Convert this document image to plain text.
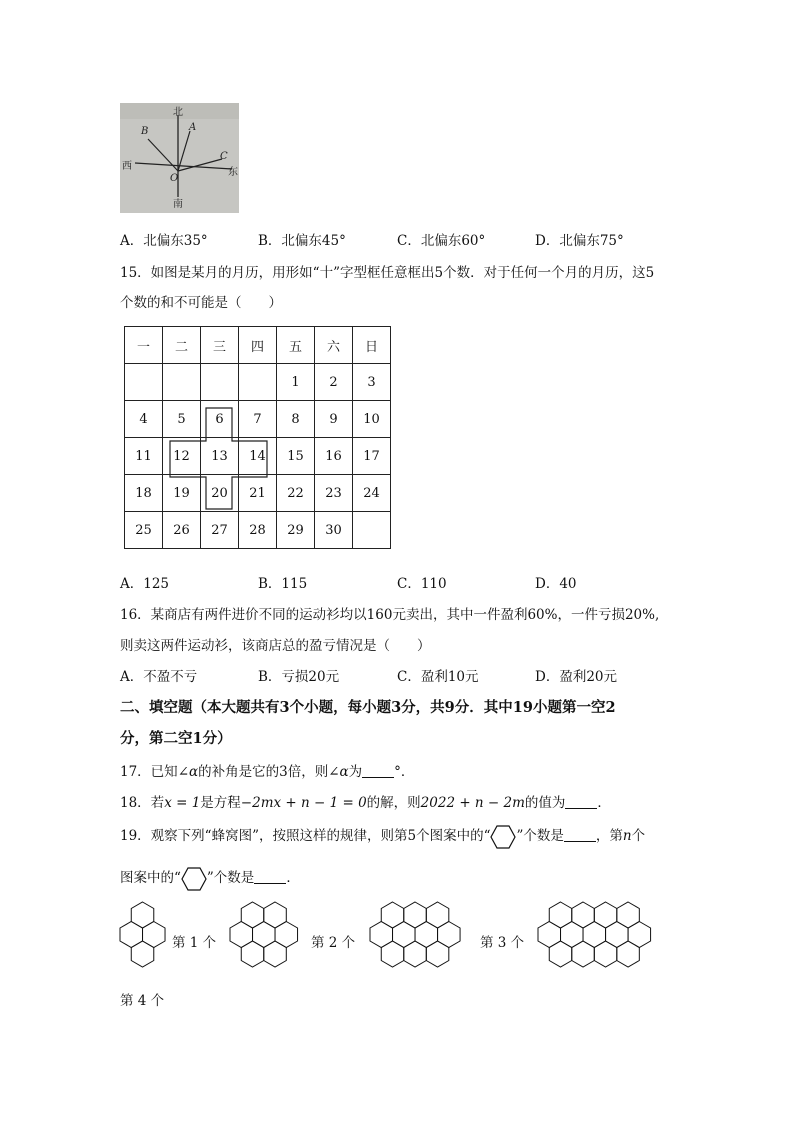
北
南
东
西
A
B
C
O
A．北偏东35°	B．北偏东45°	C．北偏东60°	D．北偏东75°
15．如图是某月的月历，用形如“十”字型框任意框出5个数．对于任何一个月的月历，这5
个数的和不可能是（　　）
一	二	三	四	五	六	日
				1	2	3
4	5	6	7	8	9	10
11	12	13	14	15	16	17
18	19	20	21	22	23	24
25	26	27	28	29	30	
A．125	B．115	C．110	D．40
16．某商店有两件进价不同的运动衫均以160元卖出，其中一件盈利60%，一件亏损20%,
则卖这两件运动衫，该商店总的盈亏情况是（　　）
A．不盈不亏	B．亏损20元	C．盈利10元	D．盈利20元
二、填空题（本大题共有3个小题，每小题3分，共9分．其中19小题第一空2
分，第二空1分）
17．已知∠α的补角是它的3倍，则∠α为 °．
18．若x = 1是方程−2mx + n − 1 = 0的解，则2022 + n − 2m的值为 ．
19．观察下列“蜂窝图”，按照这样的规律，则第5个图案中的“ ”个数是 ，第n个
图案中的“ ”个数是 ．
第 1 个	第 2 个	第 3 个
第 4 个
